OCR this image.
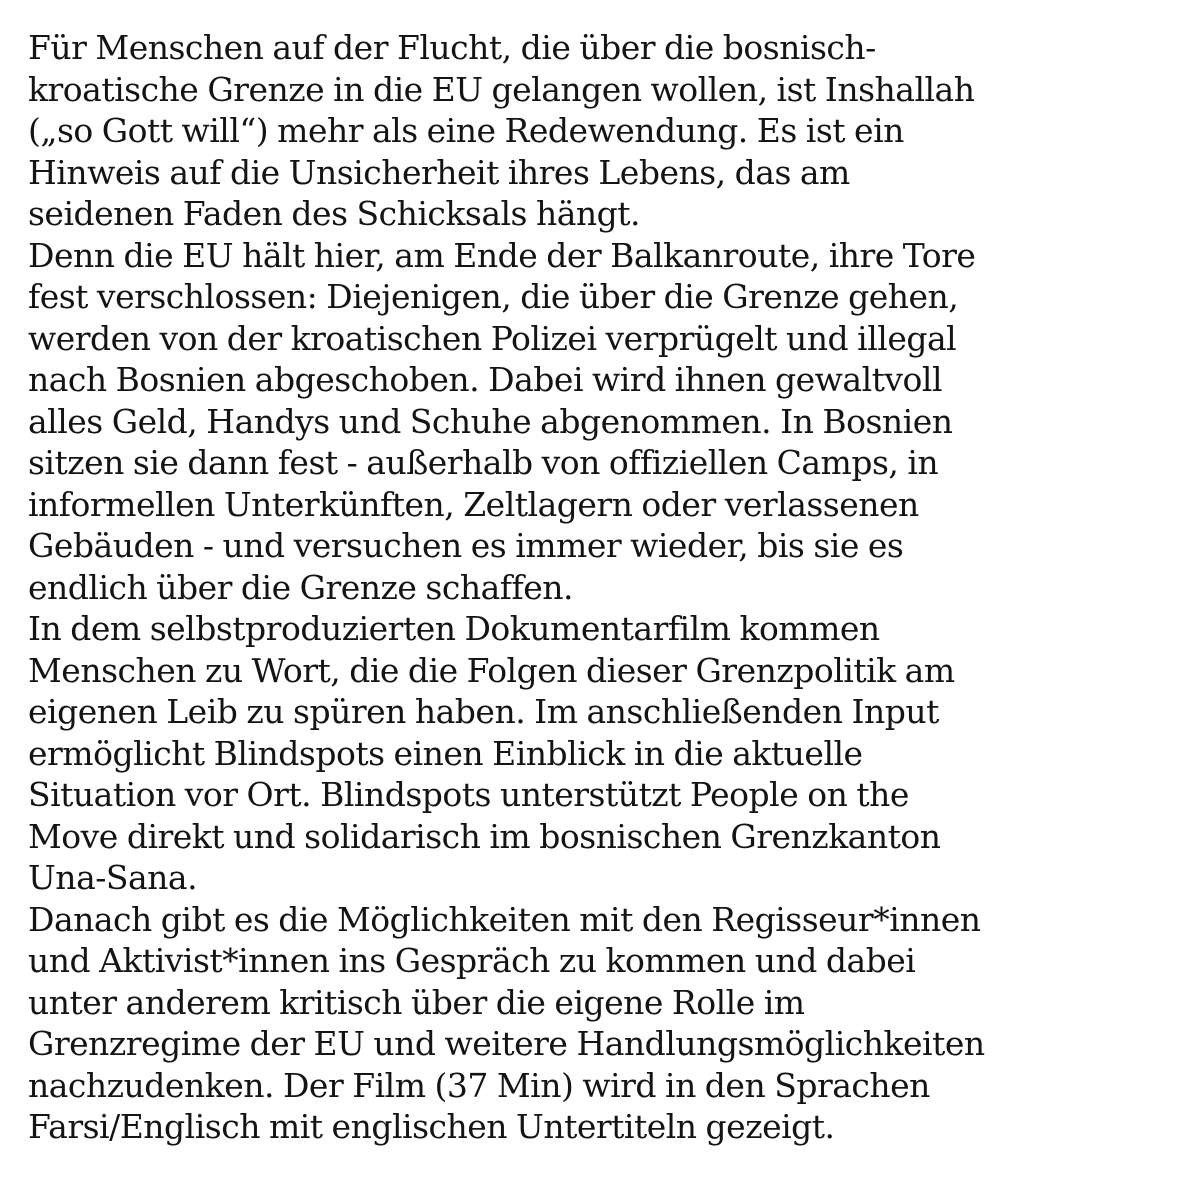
Für Menschen auf der Flucht, die über die bosnisch-
kroatische Grenze in die EU gelangen wollen, ist Inshallah
(„so Gott will“) mehr als eine Redewendung. Es ist ein
Hinweis auf die Unsicherheit ihres Lebens, das am
seidenen Faden des Schicksals hängt.
Denn die EU hält hier, am Ende der Balkanroute, ihre Tore
fest verschlossen: Diejenigen, die über die Grenze gehen,
werden von der kroatischen Polizei verprügelt und illegal
nach Bosnien abgeschoben. Dabei wird ihnen gewaltvoll
alles Geld, Handys und Schuhe abgenommen. In Bosnien
sitzen sie dann fest - außerhalb von offiziellen Camps, in
informellen Unterkünften, Zeltlagern oder verlassenen
Gebäuden - und versuchen es immer wieder, bis sie es
endlich über die Grenze schaffen.
In dem selbstproduzierten Dokumentarfilm kommen
Menschen zu Wort, die die Folgen dieser Grenzpolitik am
eigenen Leib zu spüren haben. Im anschließenden Input
ermöglicht Blindspots einen Einblick in die aktuelle
Situation vor Ort. Blindspots unterstützt People on the
Move direkt und solidarisch im bosnischen Grenzkanton
Una-Sana.
Danach gibt es die Möglichkeiten mit den Regisseur*innen
und Aktivist*innen ins Gespräch zu kommen und dabei
unter anderem kritisch über die eigene Rolle im
Grenzregime der EU und weitere Handlungsmöglichkeiten
nachzudenken. Der Film (37 Min) wird in den Sprachen
Farsi/Englisch mit englischen Untertiteln gezeigt.
